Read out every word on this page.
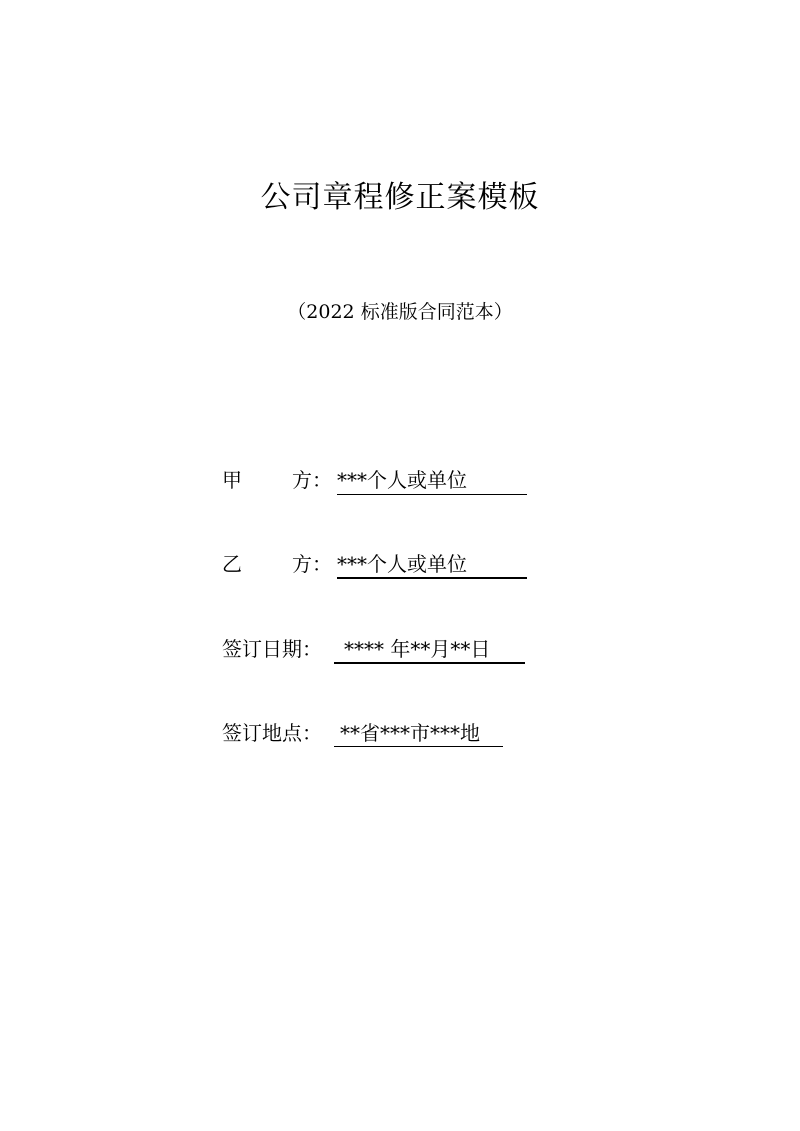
公司章程修正案模板
（2022 标准版合同范本）
甲	方： ***个人或单位
乙	方： ***个人或单位
签订日期： **** 年**月**日
签订地点： **省***市***地
